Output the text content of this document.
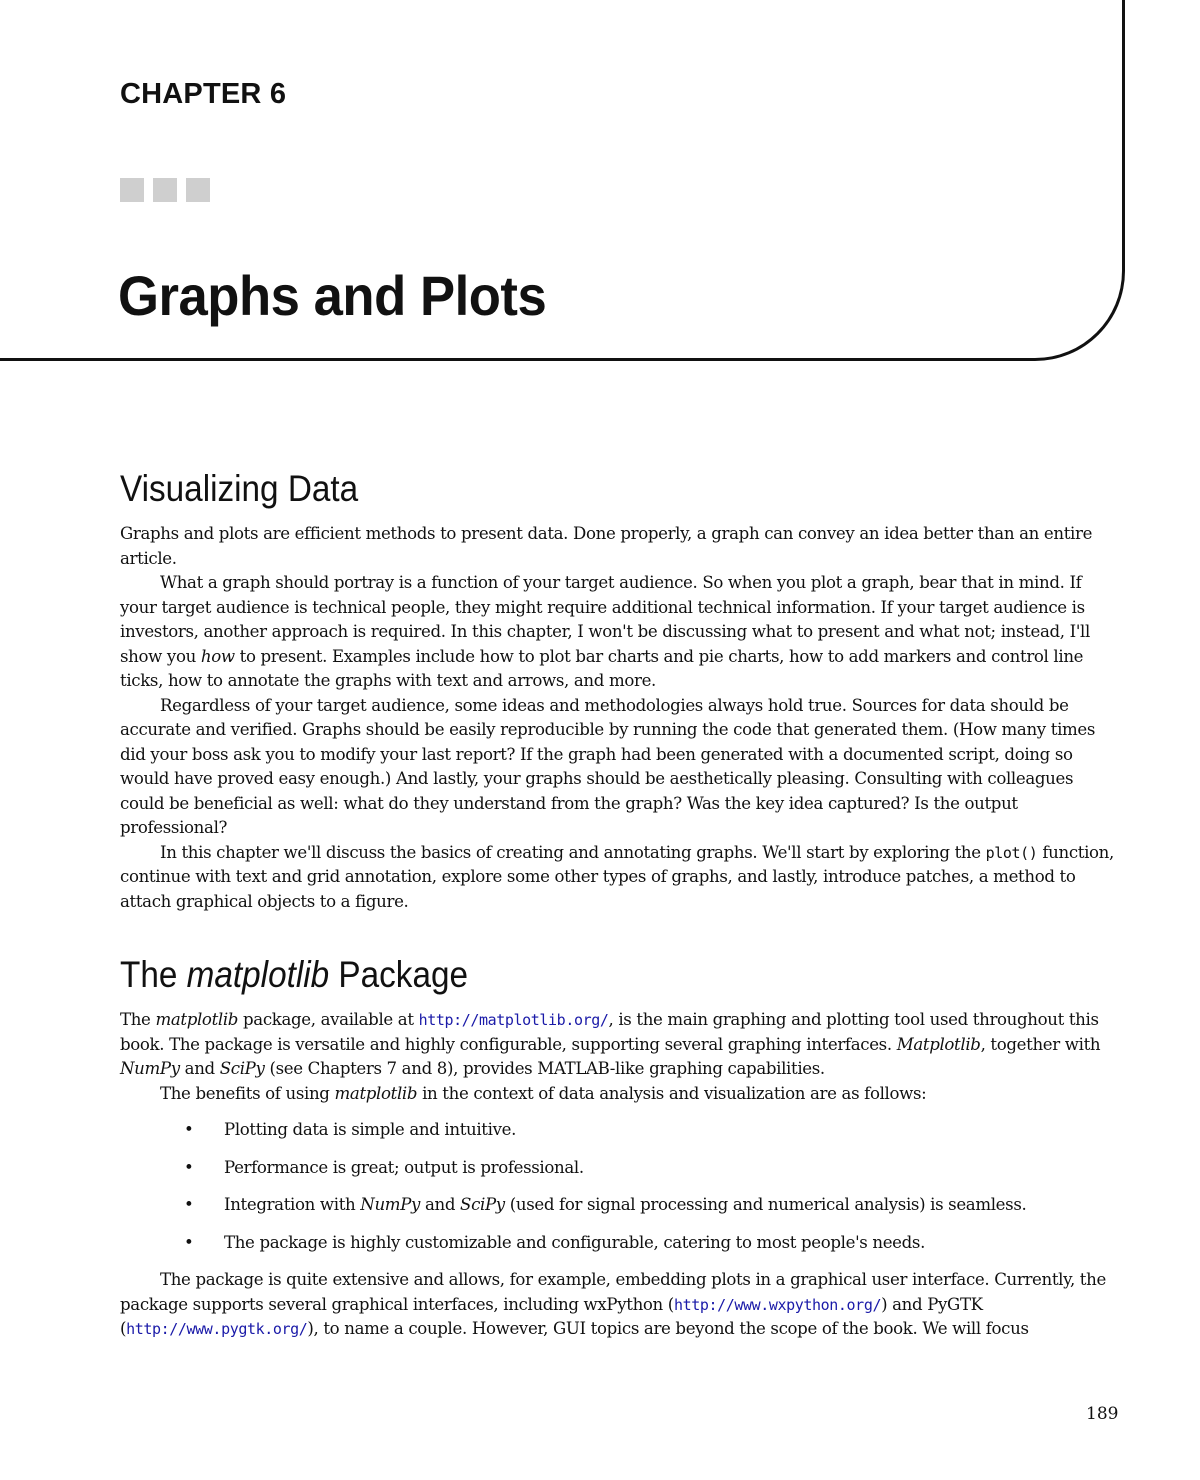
CHAPTER 6
Graphs and Plots
Visualizing Data

Graphs and plots are efficient methods to present data. Done properly, a graph can convey an idea better than an entire article.

What a graph should portray is a function of your target audience. So when you plot a graph, bear that in mind. If your target audience is technical people, they might require additional technical information. If your target audience is investors, another approach is required. In this chapter, I won't be discussing what to present and what not; instead, I'll show you how to present. Examples include how to plot bar charts and pie charts, how to add markers and control line ticks, how to annotate the graphs with text and arrows, and more.

Regardless of your target audience, some ideas and methodologies always hold true. Sources for data should be accurate and verified. Graphs should be easily reproducible by running the code that generated them. (How many times did your boss ask you to modify your last report? If the graph had been generated with a documented script, doing so would have proved easy enough.) And lastly, your graphs should be aesthetically pleasing. Consulting with colleagues could be beneficial as well: what do they understand from the graph? Was the key idea captured? Is the output professional?

In this chapter we'll discuss the basics of creating and annotating graphs. We'll start by exploring the plot() function, continue with text and grid annotation, explore some other types of graphs, and lastly, introduce patches, a method to attach graphical objects to a figure.

The matplotlib Package

The matplotlib package, available at http://matplotlib.org/, is the main graphing and plotting tool used throughout this book. The package is versatile and highly configurable, supporting several graphing interfaces. Matplotlib, together with NumPy and SciPy (see Chapters 7 and 8), provides MATLAB-like graphing capabilities.

The benefits of using matplotlib in the context of data analysis and visualization are as follows:

• Plotting data is simple and intuitive.
• Performance is great; output is professional.
• Integration with NumPy and SciPy (used for signal processing and numerical analysis) is seamless.
• The package is highly customizable and configurable, catering to most people's needs.

The package is quite extensive and allows, for example, embedding plots in a graphical user interface. Currently, the package supports several graphical interfaces, including wxPython (http://www.wxpython.org/) and PyGTK (http://www.pygtk.org/), to name a couple. However, GUI topics are beyond the scope of the book. We will focus

189
